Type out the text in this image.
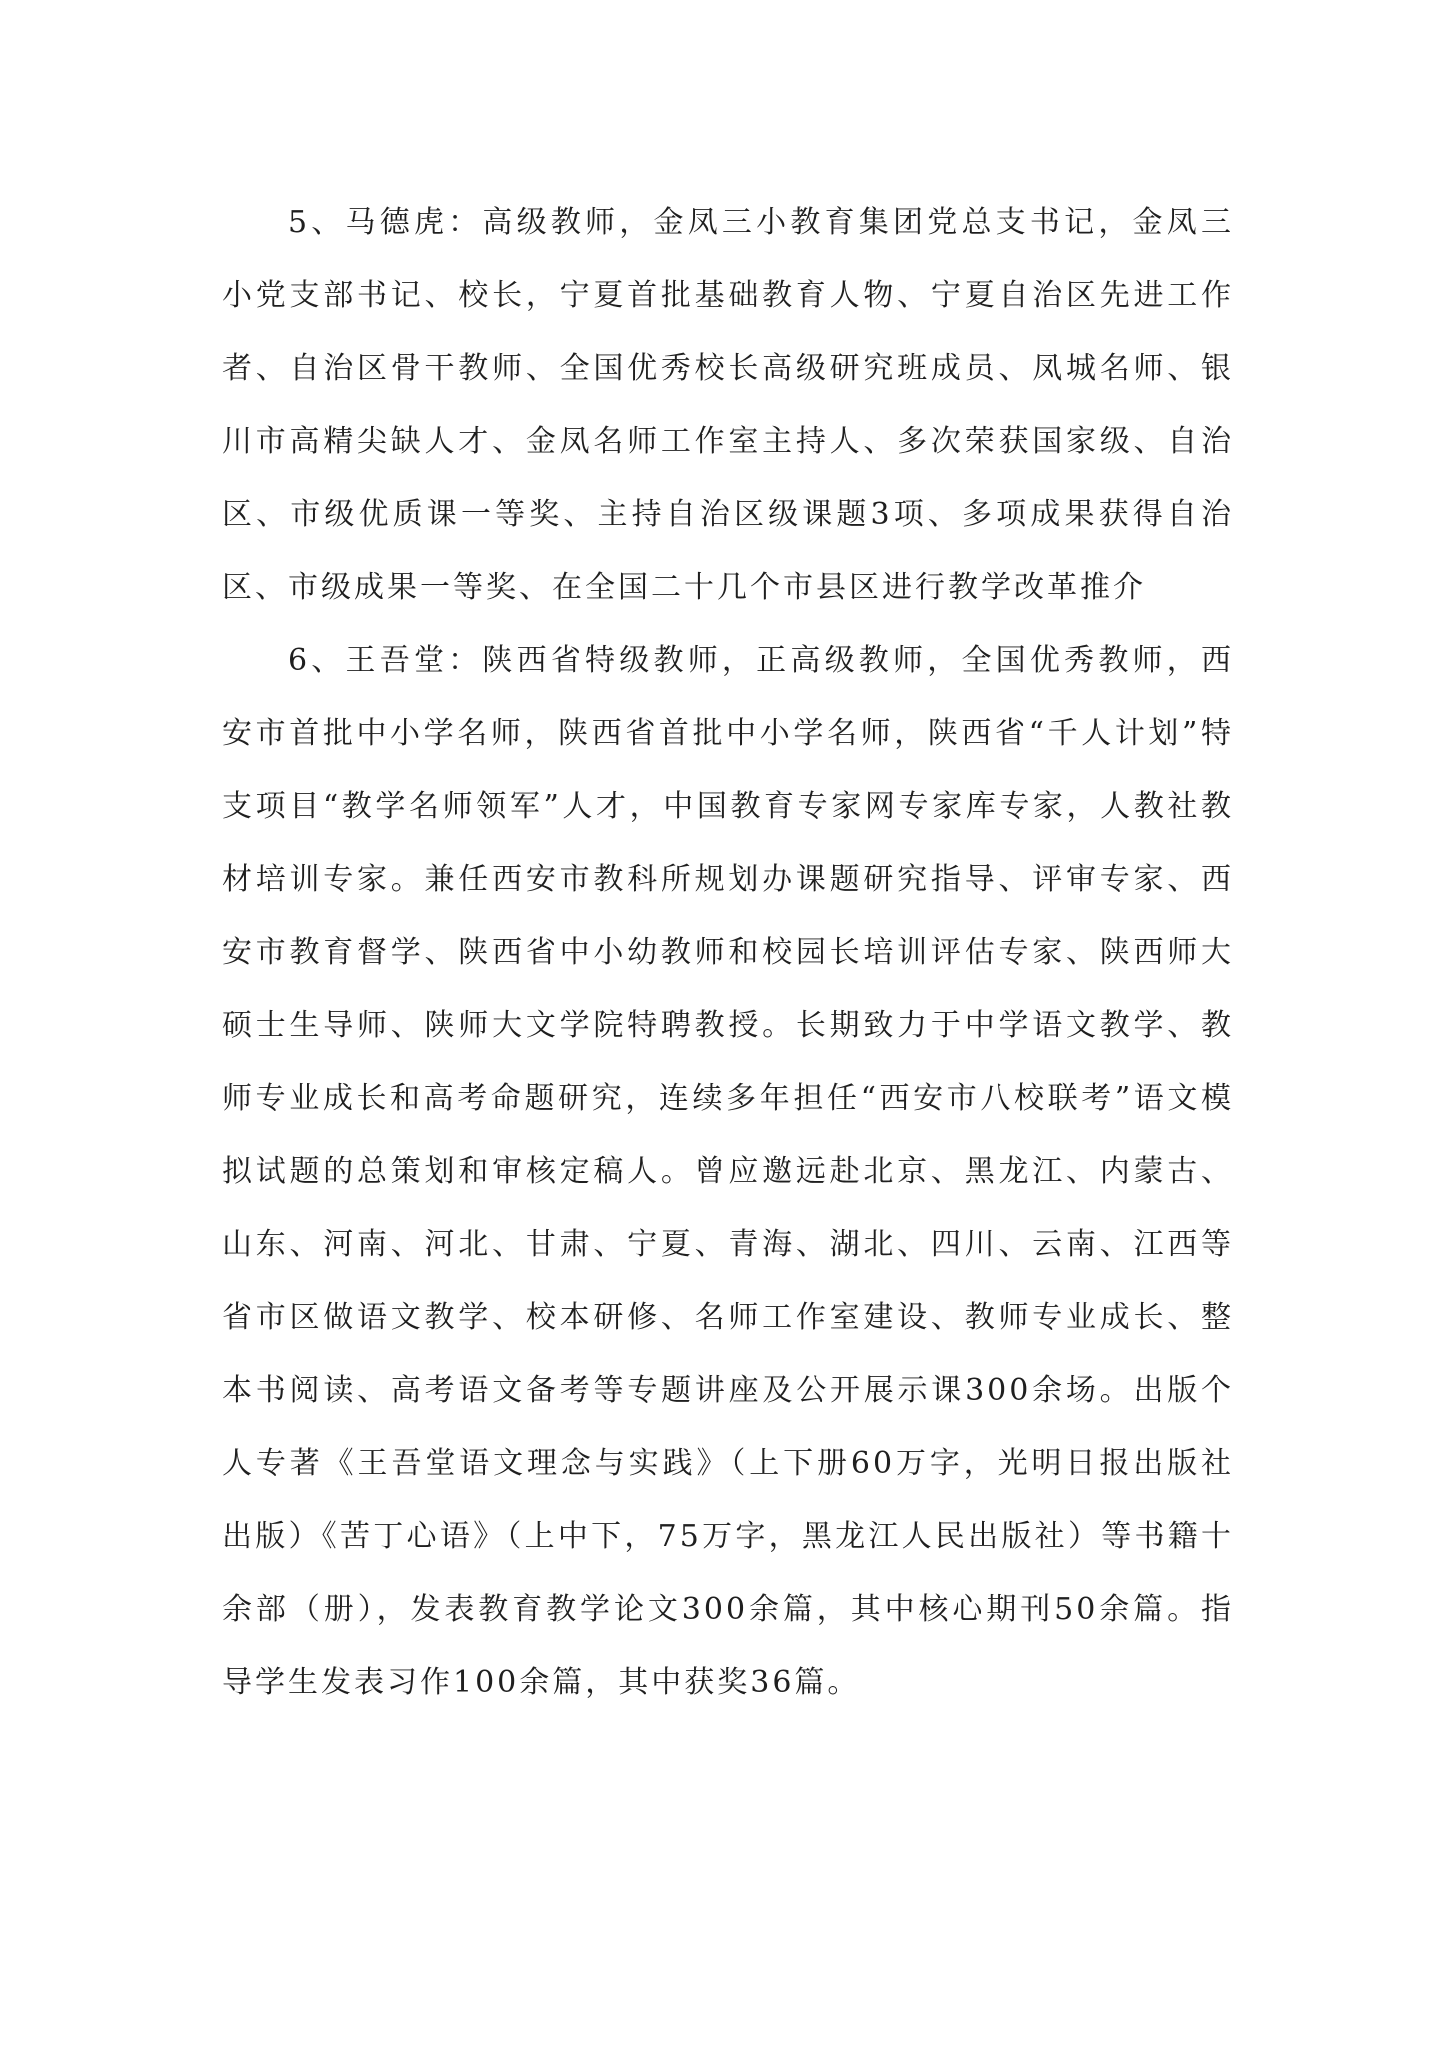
5、马德虎：高级教师，金凤三小教育集团党总支书记，金凤三小党支部书记、校长，宁夏首批基础教育人物、宁夏自治区先进工作者、自治区骨干教师、全国优秀校长高级研究班成员、凤城名师、银川市高精尖缺人才、金凤名师工作室主持人、多次荣获国家级、自治区、市级优质课一等奖、主持自治区级课题3项、多项成果获得自治区、市级成果一等奖、在全国二十几个市县区进行教学改革推介

6、王吾堂：陕西省特级教师，正高级教师，全国优秀教师，西安市首批中小学名师，陕西省首批中小学名师，陕西省“千人计划”特支项目“教学名师领军”人才，中国教育专家网专家库专家，人教社教材培训专家。兼任西安市教科所规划办课题研究指导、评审专家、西安市教育督学、陕西省中小幼教师和校园长培训评估专家、陕西师大硕士生导师、陕师大文学院特聘教授。长期致力于中学语文教学、教师专业成长和高考命题研究，连续多年担任“西安市八校联考”语文模拟试题的总策划和审核定稿人。曾应邀远赴北京、黑龙江、内蒙古、山东、河南、河北、甘肃、宁夏、青海、湖北、四川、云南、江西等省市区做语文教学、校本研修、名师工作室建设、教师专业成长、整本书阅读、高考语文备考等专题讲座及公开展示课300余场。出版个人专著《王吾堂语文理念与实践》（上下册60万字，光明日报出版社出版）《苦丁心语》（上中下，75万字，黑龙江人民出版社）等书籍十余部（册），发表教育教学论文300余篇，其中核心期刊50余篇。指导学生发表习作100余篇，其中获奖36篇。
